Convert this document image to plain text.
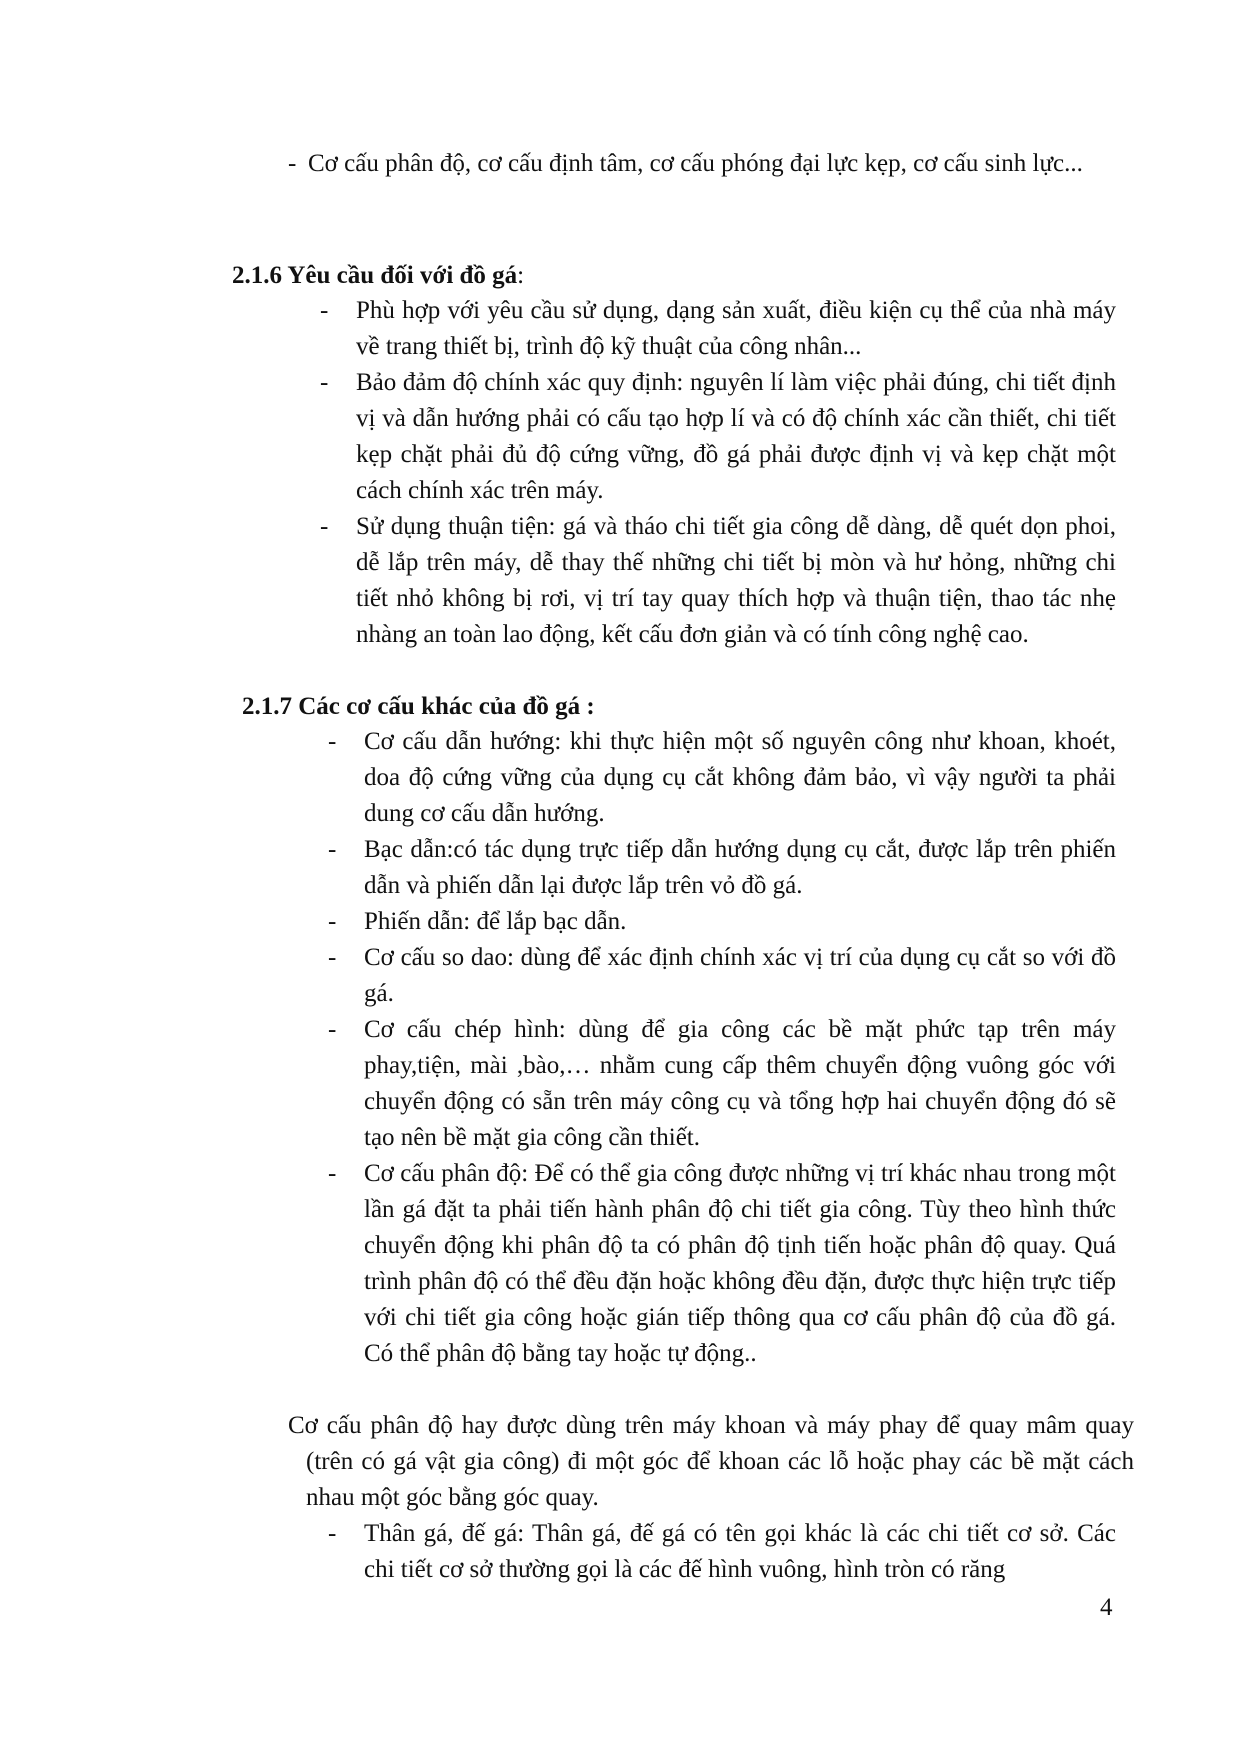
- Cơ cấu phân độ, cơ cấu định tâm, cơ cấu phóng đại lực kẹp, cơ cấu sinh lực...

2.1.6 Yêu cầu đối với đồ gá:

- Phù hợp với yêu cầu sử dụng, dạng sản xuất, điều kiện cụ thể của nhà máy về trang thiết bị, trình độ kỹ thuật của công nhân...

- Bảo đảm độ chính xác quy định: nguyên lí làm việc phải đúng, chi tiết định vị và dẫn hướng phải có cấu tạo hợp lí và có độ chính xác cần thiết, chi tiết kẹp chặt phải đủ độ cứng vững, đồ gá phải được định vị và kẹp chặt một cách chính xác trên máy.

- Sử dụng thuận tiện: gá và tháo chi tiết gia công dễ dàng, dễ quét dọn phoi, dễ lắp trên máy, dễ thay thế những chi tiết bị mòn và hư hỏng, những chi tiết nhỏ không bị rơi, vị trí tay quay thích hợp và thuận tiện, thao tác nhẹ nhàng an toàn lao động, kết cấu đơn giản và có tính công nghệ cao.

2.1.7 Các cơ cấu khác của đồ gá :

- Cơ cấu dẫn hướng: khi thực hiện một số nguyên công như khoan, khoét, doa độ cứng vững của dụng cụ cắt không đảm bảo, vì vậy người ta phải dung cơ cấu dẫn hướng.

- Bạc dẫn:có tác dụng trực tiếp dẫn hướng dụng cụ cắt, được lắp trên phiến dẫn và phiến dẫn lại được lắp trên vỏ đồ gá.

- Phiến dẫn: để lắp bạc dẫn.

- Cơ cấu so dao: dùng để xác định chính xác vị trí của dụng cụ cắt so với đồ gá.

- Cơ cấu chép hình: dùng để gia công các bề mặt phức tạp trên máy phay,tiện, mài ,bào,… nhằm cung cấp thêm chuyển động vuông góc với chuyển động có sẵn trên máy công cụ và tổng hợp hai chuyển động đó sẽ tạo nên bề mặt gia công cần thiết.

- Cơ cấu phân độ: Để có thể gia công được những vị trí khác nhau trong một lần gá đặt ta phải tiến hành phân độ chi tiết gia công. Tùy theo hình thức chuyển động khi phân độ ta có phân độ tịnh tiến hoặc phân độ quay. Quá trình phân độ có thể đều đặn hoặc không đều đặn, được thực hiện trực tiếp với chi tiết gia công hoặc gián tiếp thông qua cơ cấu phân độ của đồ gá. Có thể phân độ bằng tay hoặc tự động..

Cơ cấu phân độ hay được dùng trên máy khoan và máy phay để quay mâm quay (trên có gá vật gia công) đi một góc để khoan các lỗ hoặc phay các bề mặt cách nhau một góc bằng góc quay.

- Thân gá, đế gá: Thân gá, đế gá có tên gọi khác là các chi tiết cơ sở. Các chi tiết cơ sở thường gọi là các đế hình vuông, hình tròn có răng

4
